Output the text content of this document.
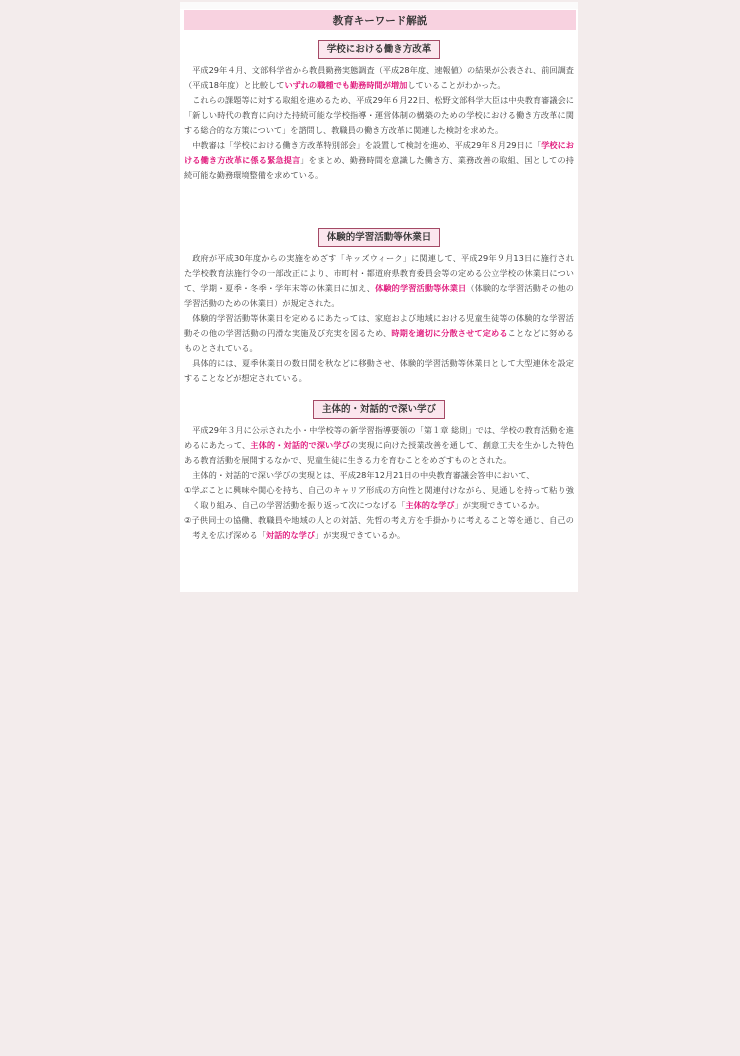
教育キーワード解説
学校における働き方改革

平成29年４月、文部科学省から教員勤務実態調査（平成28年度、速報値）の結果が公表され、前回調査（平成18年度）と比較していずれの職種でも勤務時間が増加していることがわかった。

これらの課題等に対する取組を進めるため、平成29年６月22日、松野文部科学大臣は中央教育審議会に「新しい時代の教育に向けた持続可能な学校指導・運営体制の構築のための学校における働き方改革に関する総合的な方策について」を諮問し、教職員の働き方改革に関連した検討を求めた。

中教審は「学校における働き方改革特別部会」を設置して検討を進め、平成29年８月29日に「学校における働き方改革に係る緊急提言」をまとめ、勤務時間を意識した働き方、業務改善の取組、国としての持続可能な勤務環境整備を求めている。

体験的学習活動等休業日

政府が平成30年度からの実施をめざす「キッズウィーク」に関連して、平成29年９月13日に施行された学校教育法施行令の一部改正により、市町村・都道府県教育委員会等の定める公立学校の休業日について、学期・夏季・冬季・学年末等の休業日に加え、体験的学習活動等休業日（体験的な学習活動その他の学習活動のための休業日）が規定された。

体験的学習活動等休業日を定めるにあたっては、家庭および地域における児童生徒等の体験的な学習活動その他の学習活動の円滑な実施及び充実を図るため、時期を適切に分散させて定めることなどに努めるものとされている。

具体的には、夏季休業日の数日間を秋などに移動させ、体験的学習活動等休業日として大型連休を設定することなどが想定されている。

主体的・対話的で深い学び

平成29年３月に公示された小・中学校等の新学習指導要領の「第１章 総則」では、学校の教育活動を進めるにあたって、主体的・対話的で深い学びの実現に向けた授業改善を通して、創意工夫を生かした特色ある教育活動を展開するなかで、児童生徒に生きる力を育むことをめざすものとされた。

主体的・対話的で深い学びの実現とは、平成28年12月21日の中央教育審議会答申において、

①学ぶことに興味や関心を持ち、自己のキャリア形成の方向性と関連付けながら、見通しを持って粘り強く取り組み、自己の学習活動を振り返って次につなげる「主体的な学び」が実現できているか。

②子供同士の協働、教職員や地域の人との対話、先哲の考え方を手掛かりに考えること等を通じ、自己の考えを広げ深める「対話的な学び」が実現できているか。
